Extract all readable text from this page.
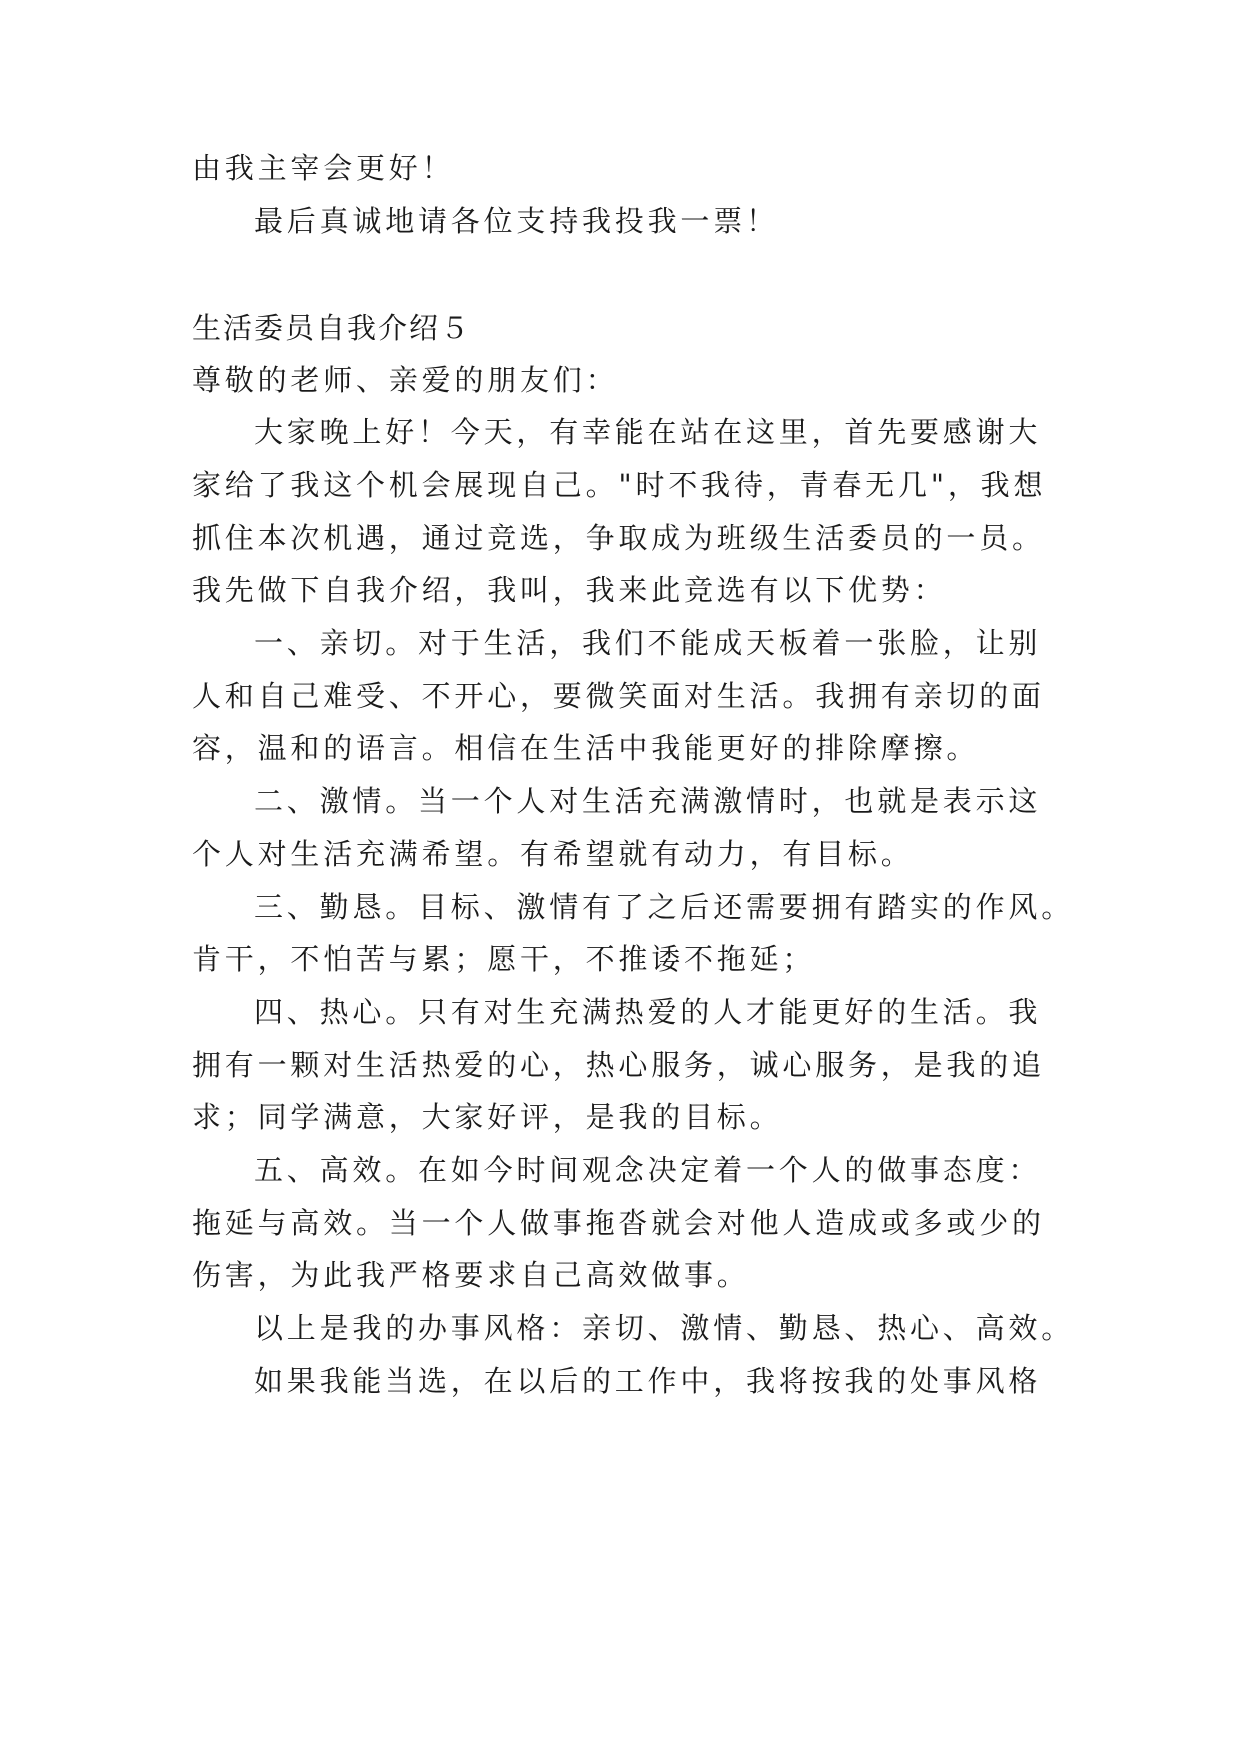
由我主宰会更好！
最后真诚地请各位支持我投我一票！
生活委员自我介绍５
尊敬的老师、亲爱的朋友们：
大家晚上好！今天，有幸能在站在这里，首先要感谢大
家给了我这个机会展现自己。"时不我待，青春无几"，我想
抓住本次机遇，通过竞选，争取成为班级生活委员的一员。
我先做下自我介绍，我叫，我来此竞选有以下优势：
一、亲切。对于生活，我们不能成天板着一张脸，让别
人和自己难受、不开心，要微笑面对生活。我拥有亲切的面
容，温和的语言。相信在生活中我能更好的排除摩擦。
二、激情。当一个人对生活充满激情时，也就是表示这
个人对生活充满希望。有希望就有动力，有目标。
三、勤恳。目标、激情有了之后还需要拥有踏实的作风。
肯干，不怕苦与累；愿干，不推诿不拖延；
四、热心。只有对生充满热爱的人才能更好的生活。我
拥有一颗对生活热爱的心，热心服务，诚心服务，是我的追
求；同学满意，大家好评，是我的目标。
五、高效。在如今时间观念决定着一个人的做事态度：
拖延与高效。当一个人做事拖沓就会对他人造成或多或少的
伤害，为此我严格要求自己高效做事。
以上是我的办事风格：亲切、激情、勤恳、热心、高效。
如果我能当选，在以后的工作中，我将按我的处事风格
